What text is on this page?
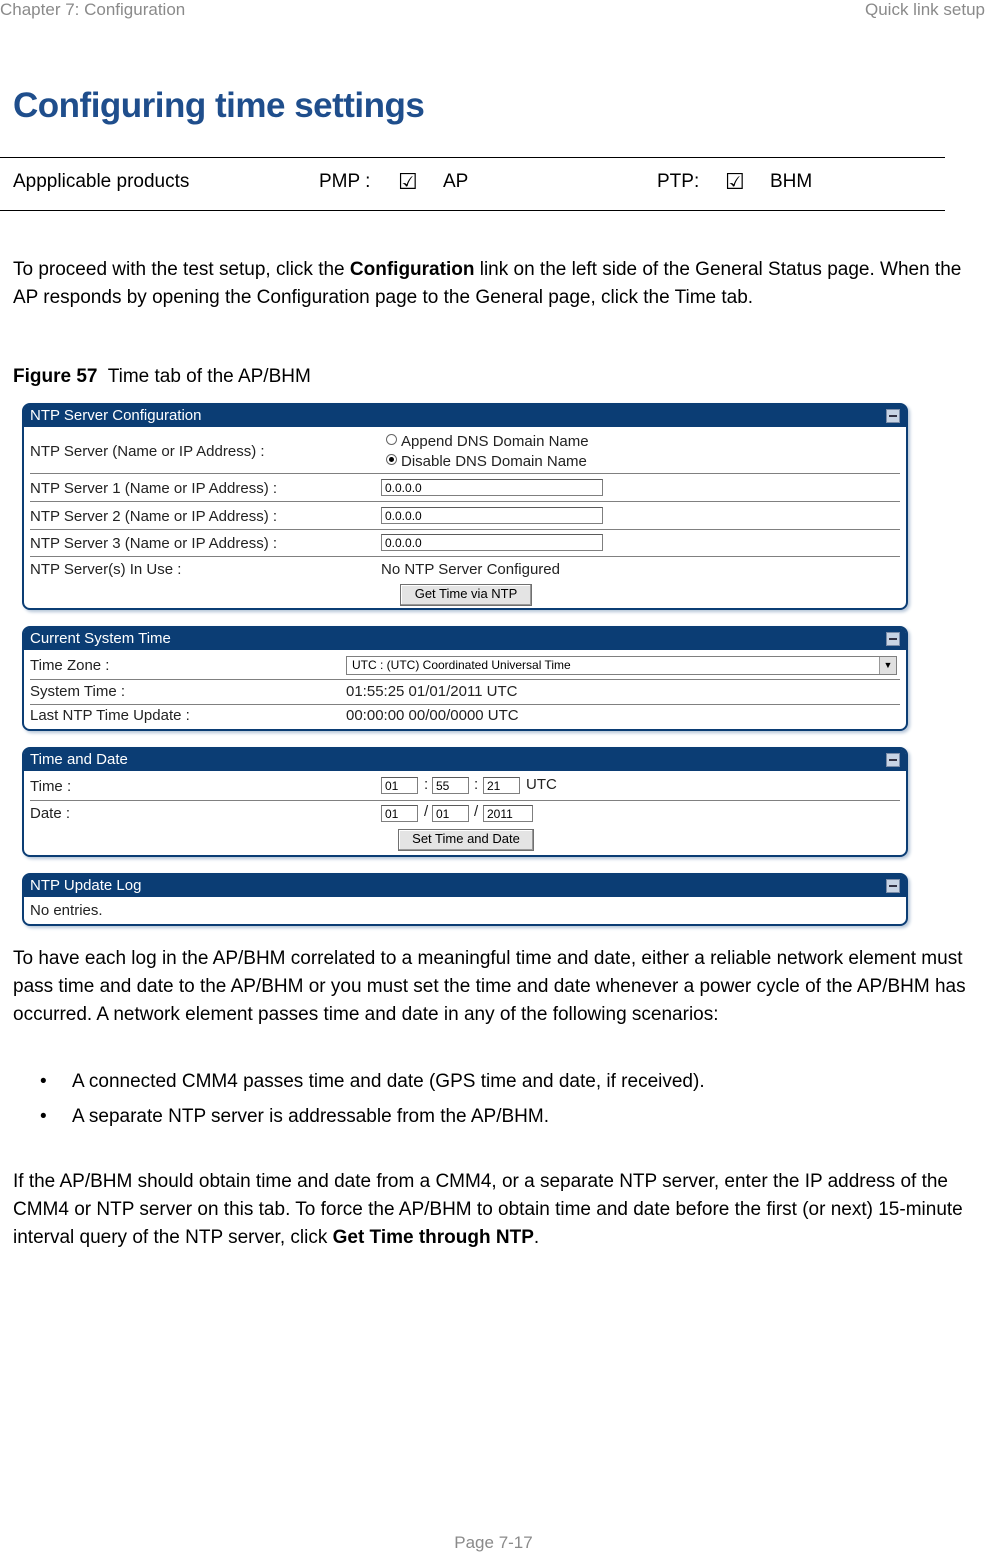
Chapter 7: Configuration	Quick link setup
Configuring time settings
Appplicable products	PMP : ☑ AP	PTP: ☑ BHM

To proceed with the test setup, click the Configuration link on the left side of the General Status page. When the AP responds by opening the Configuration page to the General page, click the Time tab.

Figure 57  Time tab of the AP/BHM
NTP Server Configuration
NTP Server (Name or IP Address) :
Append DNS Domain Name
Disable DNS Domain Name
NTP Server 1 (Name or IP Address) :	0.0.0.0
NTP Server 2 (Name or IP Address) :	0.0.0.0
NTP Server 3 (Name or IP Address) :	0.0.0.0
NTP Server(s) In Use :	No NTP Server Configured
Get Time via NTP
Current System Time
Time Zone :	UTC : (UTC) Coordinated Universal Time	▼
System Time :	01:55:25 01/01/2011 UTC
Last NTP Time Update :	00:00:00 00/00/0000 UTC
Time and Date
Time :	01	: 55	: 21	UTC
Date :	01	/ 01	/ 2011
Set Time and Date
NTP Update Log
No entries.

To have each log in the AP/BHM correlated to a meaningful time and date, either a reliable network element must pass time and date to the AP/BHM or you must set the time and date whenever a power cycle of the AP/BHM has occurred. A network element passes time and date in any of the following scenarios:

• A connected CMM4 passes time and date (GPS time and date, if received).
• A separate NTP server is addressable from the AP/BHM.

If the AP/BHM should obtain time and date from a CMM4, or a separate NTP server, enter the IP address of the CMM4 or NTP server on this tab. To force the AP/BHM to obtain time and date before the first (or next) 15-minute interval query of the NTP server, click Get Time through NTP.

Page 7-17
